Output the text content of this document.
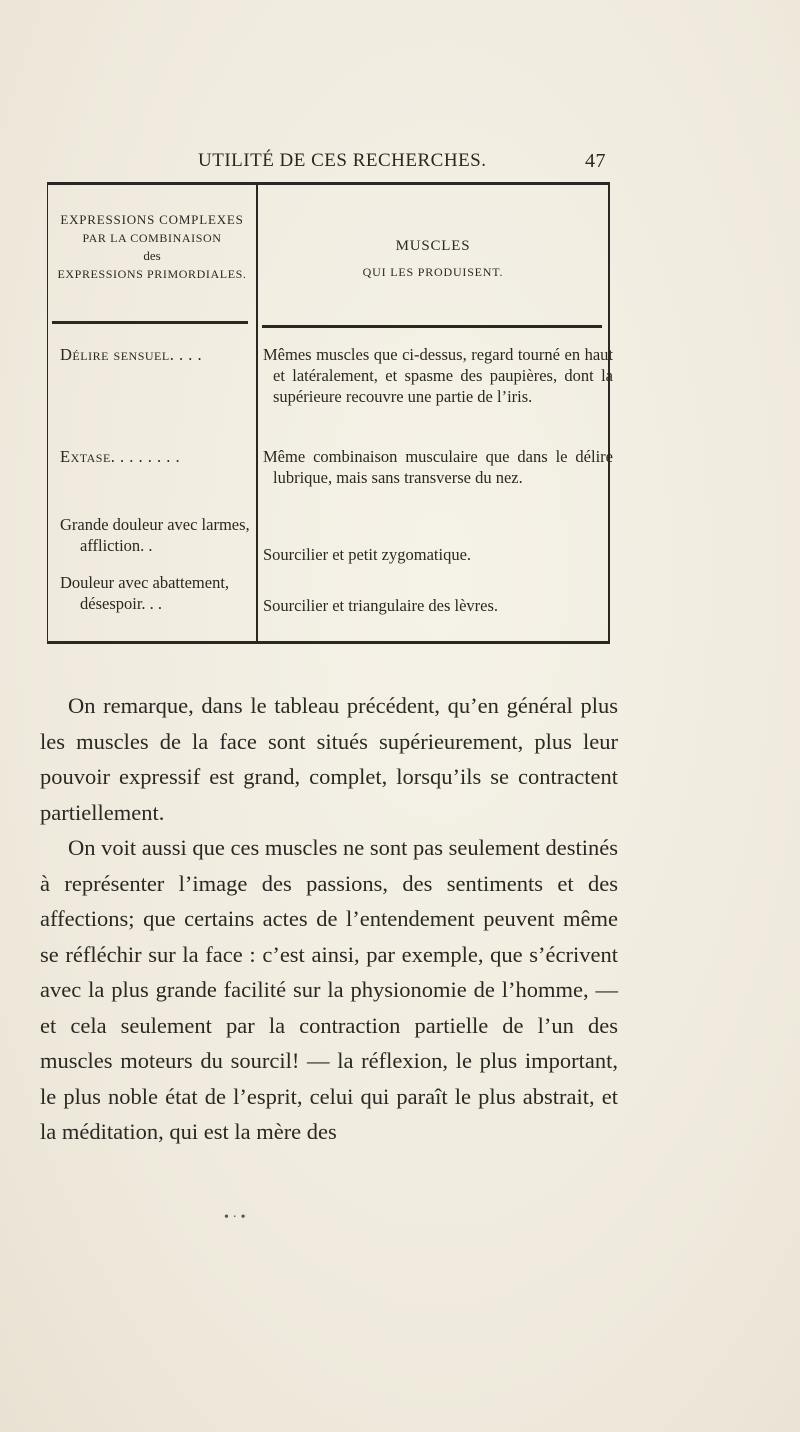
UTILITÉ DE CES RECHERCHES.	47
EXPRESSIONS COMPLEXES
PAR LA COMBINAISON
des
EXPRESSIONS PRIMORDIALES.
MUSCLES
QUI LES PRODUISENT.
Délire sensuel. . . .	Mêmes muscles que ci-dessus, regard tourné en haut et latéralement, et spasme des paupières, dont la supérieure recouvre une partie de l’iris.
Extase. . . . . . . .	Même combinaison musculaire que dans le délire lubrique, mais sans transverse du nez.
Grande douleur avec larmes, affliction. .	Sourcilier et petit zygomatique.
Douleur avec abattement, désespoir. . .	Sourcilier et triangulaire des lèvres.

On remarque, dans le tableau précédent, qu’en général plus les muscles de la face sont situés supérieurement, plus leur pouvoir expressif est grand, complet, lorsqu’ils se contractent partiellement.

On voit aussi que ces muscles ne sont pas seulement destinés à représenter l’image des passions, des sentiments et des affections; que certains actes de l’entendement peuvent même se réfléchir sur la face : c’est ainsi, par exemple, que s’écrivent avec la plus grande facilité sur la physionomie de l’homme, — et cela seulement par la contraction partielle de l’un des muscles moteurs du sourcil! — la réflexion, le plus important, le plus noble état de l’esprit, celui qui paraît le plus abstrait, et la méditation, qui est la mère des

• · •
